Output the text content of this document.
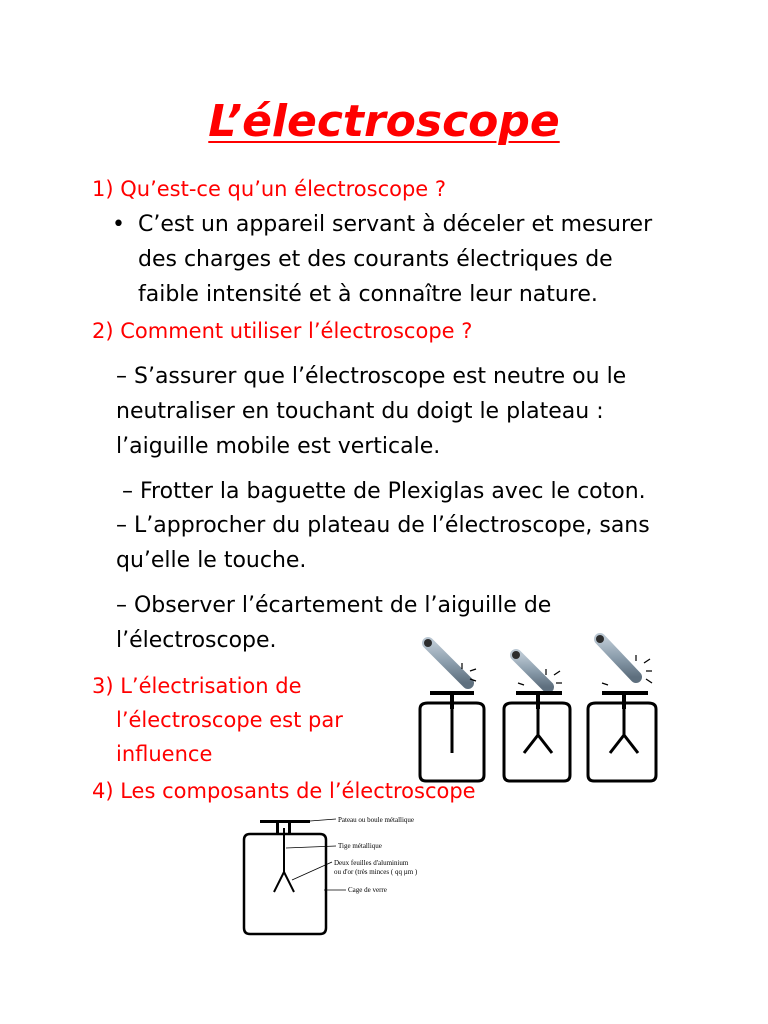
L’électroscope
1) Qu’est-ce qu’un électroscope ?
• C’est un appareil servant à déceler et mesurer
des charges et des courants électriques de
faible intensité et à connaître leur nature.
2) Comment utiliser l’électroscope ?
– S’assurer que l’électroscope est neutre ou le
neutraliser en touchant du doigt le plateau :
l’aiguille mobile est verticale.
– Frotter la baguette de Plexiglas avec le coton.
– L’approcher du plateau de l’électroscope, sans
qu’elle le touche.
– Observer l’écartement de l’aiguille de
l’électroscope.
3) L’électrisation de
l’électroscope est par
influence
4) Les composants de l’électroscope
Pateau ou boule métallique
Tige métallique
Deux feuilles d'aluminium
ou d'or (très minces ( qq µm )
Cage de verre
